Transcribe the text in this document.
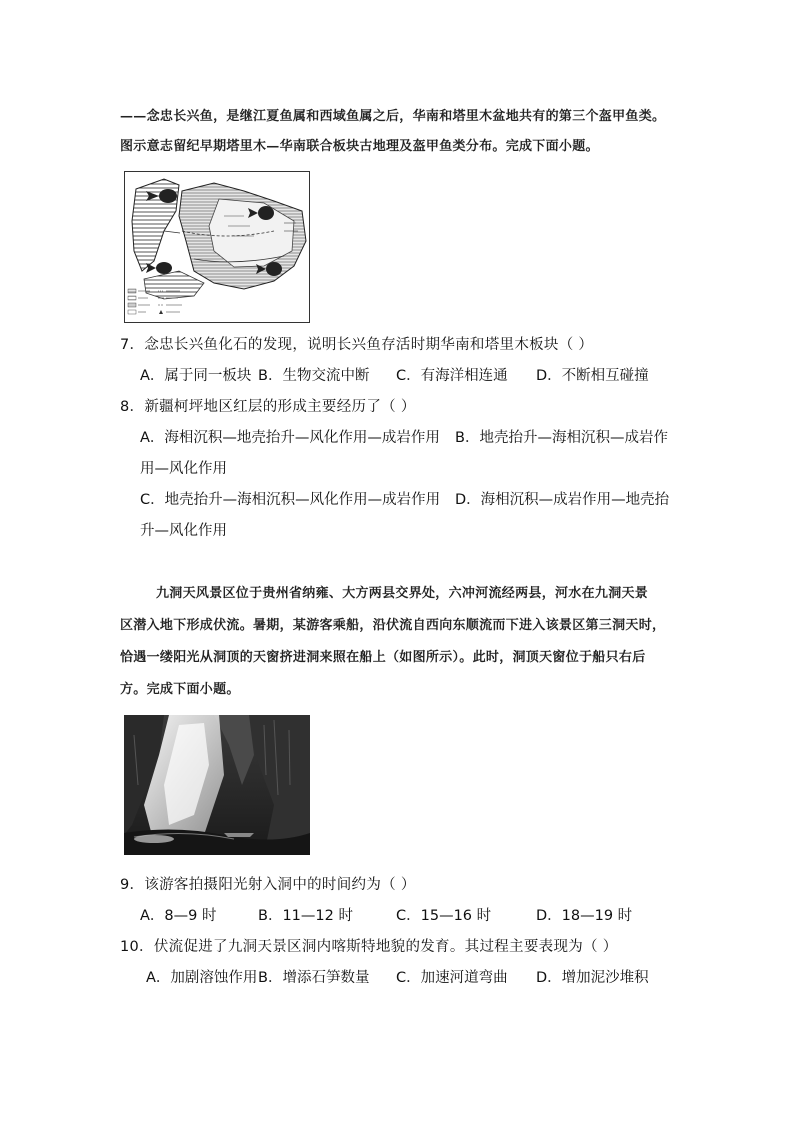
——念忠长兴鱼，是继江夏鱼属和西域鱼属之后，华南和塔里木盆地共有的第三个盔甲鱼类。
图示意志留纪早期塔里木—华南联合板块古地理及盔甲鱼类分布。完成下面小题。
7．念忠长兴鱼化石的发现，说明长兴鱼存活时期华南和塔里木板块（ ）
A．属于同一板块 B．生物交流中断 C．有海洋相连通 D．不断相互碰撞
8．新疆柯坪地区红层的形成主要经历了（ ）
A．海相沉积—地壳抬升—风化作用—成岩作用 B．地壳抬升—海相沉积—成岩作
用—风化作用
C．地壳抬升—海相沉积—风化作用—成岩作用 D．海相沉积—成岩作用—地壳抬
升—风化作用
九洞天风景区位于贵州省纳雍、大方两县交界处，六冲河流经两县，河水在九洞天景
区潜入地下形成伏流。暑期，某游客乘船，沿伏流自西向东顺流而下进入该景区第三洞天时，
恰遇一缕阳光从洞顶的天窗挤进洞来照在船上（如图所示）。此时，洞顶天窗位于船只右后
方。完成下面小题。
9．该游客拍摄阳光射入洞中的时间约为（ ）
A．8—9 时	B．11—12 时	C．15—16 时	D．18—19 时
10．伏流促进了九洞天景区洞内喀斯特地貌的发育。其过程主要表现为（ ）
A．加剧溶蚀作用 B．增添石笋数量 C．加速河道弯曲 D．增加泥沙堆积
